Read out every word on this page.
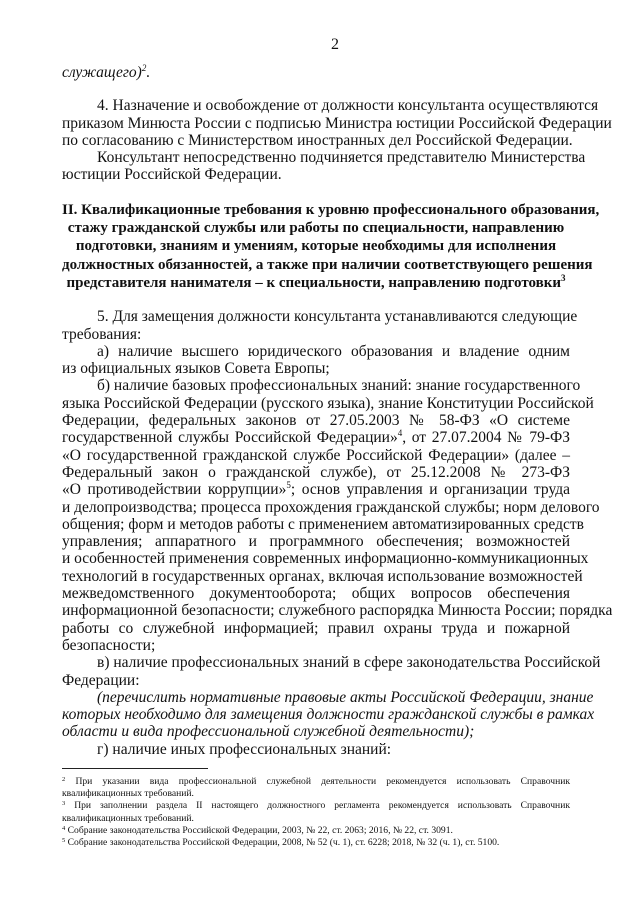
2
служащего)$^2$.
4. Назначение и освобождение от должности консультанта осуществляются
приказом Минюста России с подписью Министра юстиции Российской Федерации
по согласованию с Министерством иностранных дел Российской Федерации.
Консультант непосредственно подчиняется представителю Министерства
юстиции Российской Федерации.
II. Квалификационные требования к уровню профессионального образования,
стажу гражданской службы или работы по специальности, направлению
подготовки, знаниям и умениям, которые необходимы для исполнения
должностных обязанностей, а также при наличии соответствующего решения
представителя нанимателя – к специальности, направлению подготовки$^3$
5. Для замещения должности консультанта устанавливаются следующие
требования:
а) наличие высшего юридического образования и владение одним
из официальных языков Совета Европы;
б) наличие базовых профессиональных знаний: знание государственного
языка Российской Федерации (русского языка), знание Конституции Российской
Федерации, федеральных законов от 27.05.2003 № 58-ФЗ «О системе
государственной службы Российской Федерации»$^4$, от 27.07.2004 № 79-ФЗ
«О государственной гражданской службе Российской Федерации» (далее –
Федеральный закон о гражданской службе), от 25.12.2008 № 273-ФЗ
«О противодействии коррупции»$^5$; основ управления и организации труда
и делопроизводства; процесса прохождения гражданской службы; норм делового
общения; форм и методов работы с применением автоматизированных средств
управления; аппаратного и программного обеспечения; возможностей
и особенностей применения современных информационно-коммуникационных
технологий в государственных органах, включая использование возможностей
межведомственного документооборота; общих вопросов обеспечения
информационной безопасности; служебного распорядка Минюста России; порядка
работы со служебной информацией; правил охраны труда и пожарной
безопасности;
в) наличие профессиональных знаний в сфере законодательства Российской
Федерации:
(перечислить нормативные правовые акты Российской Федерации, знание
которых необходимо для замещения должности гражданской службы в рамках
области и вида профессиональной служебной деятельности);
г) наличие иных профессиональных знаний:
$^2$ При указании вида профессиональной служебной деятельности рекомендуется использовать Справочник
квалификационных требований.
$^3$ При заполнении раздела II настоящего должностного регламента рекомендуется использовать Справочник
квалификационных требований.
$^4$ Собрание законодательства Российской Федерации, 2003, № 22, ст. 2063; 2016, № 22, ст. 3091.
$^5$ Собрание законодательства Российской Федерации, 2008, № 52 (ч. 1), ст. 6228; 2018, № 32 (ч. 1), ст. 5100.
